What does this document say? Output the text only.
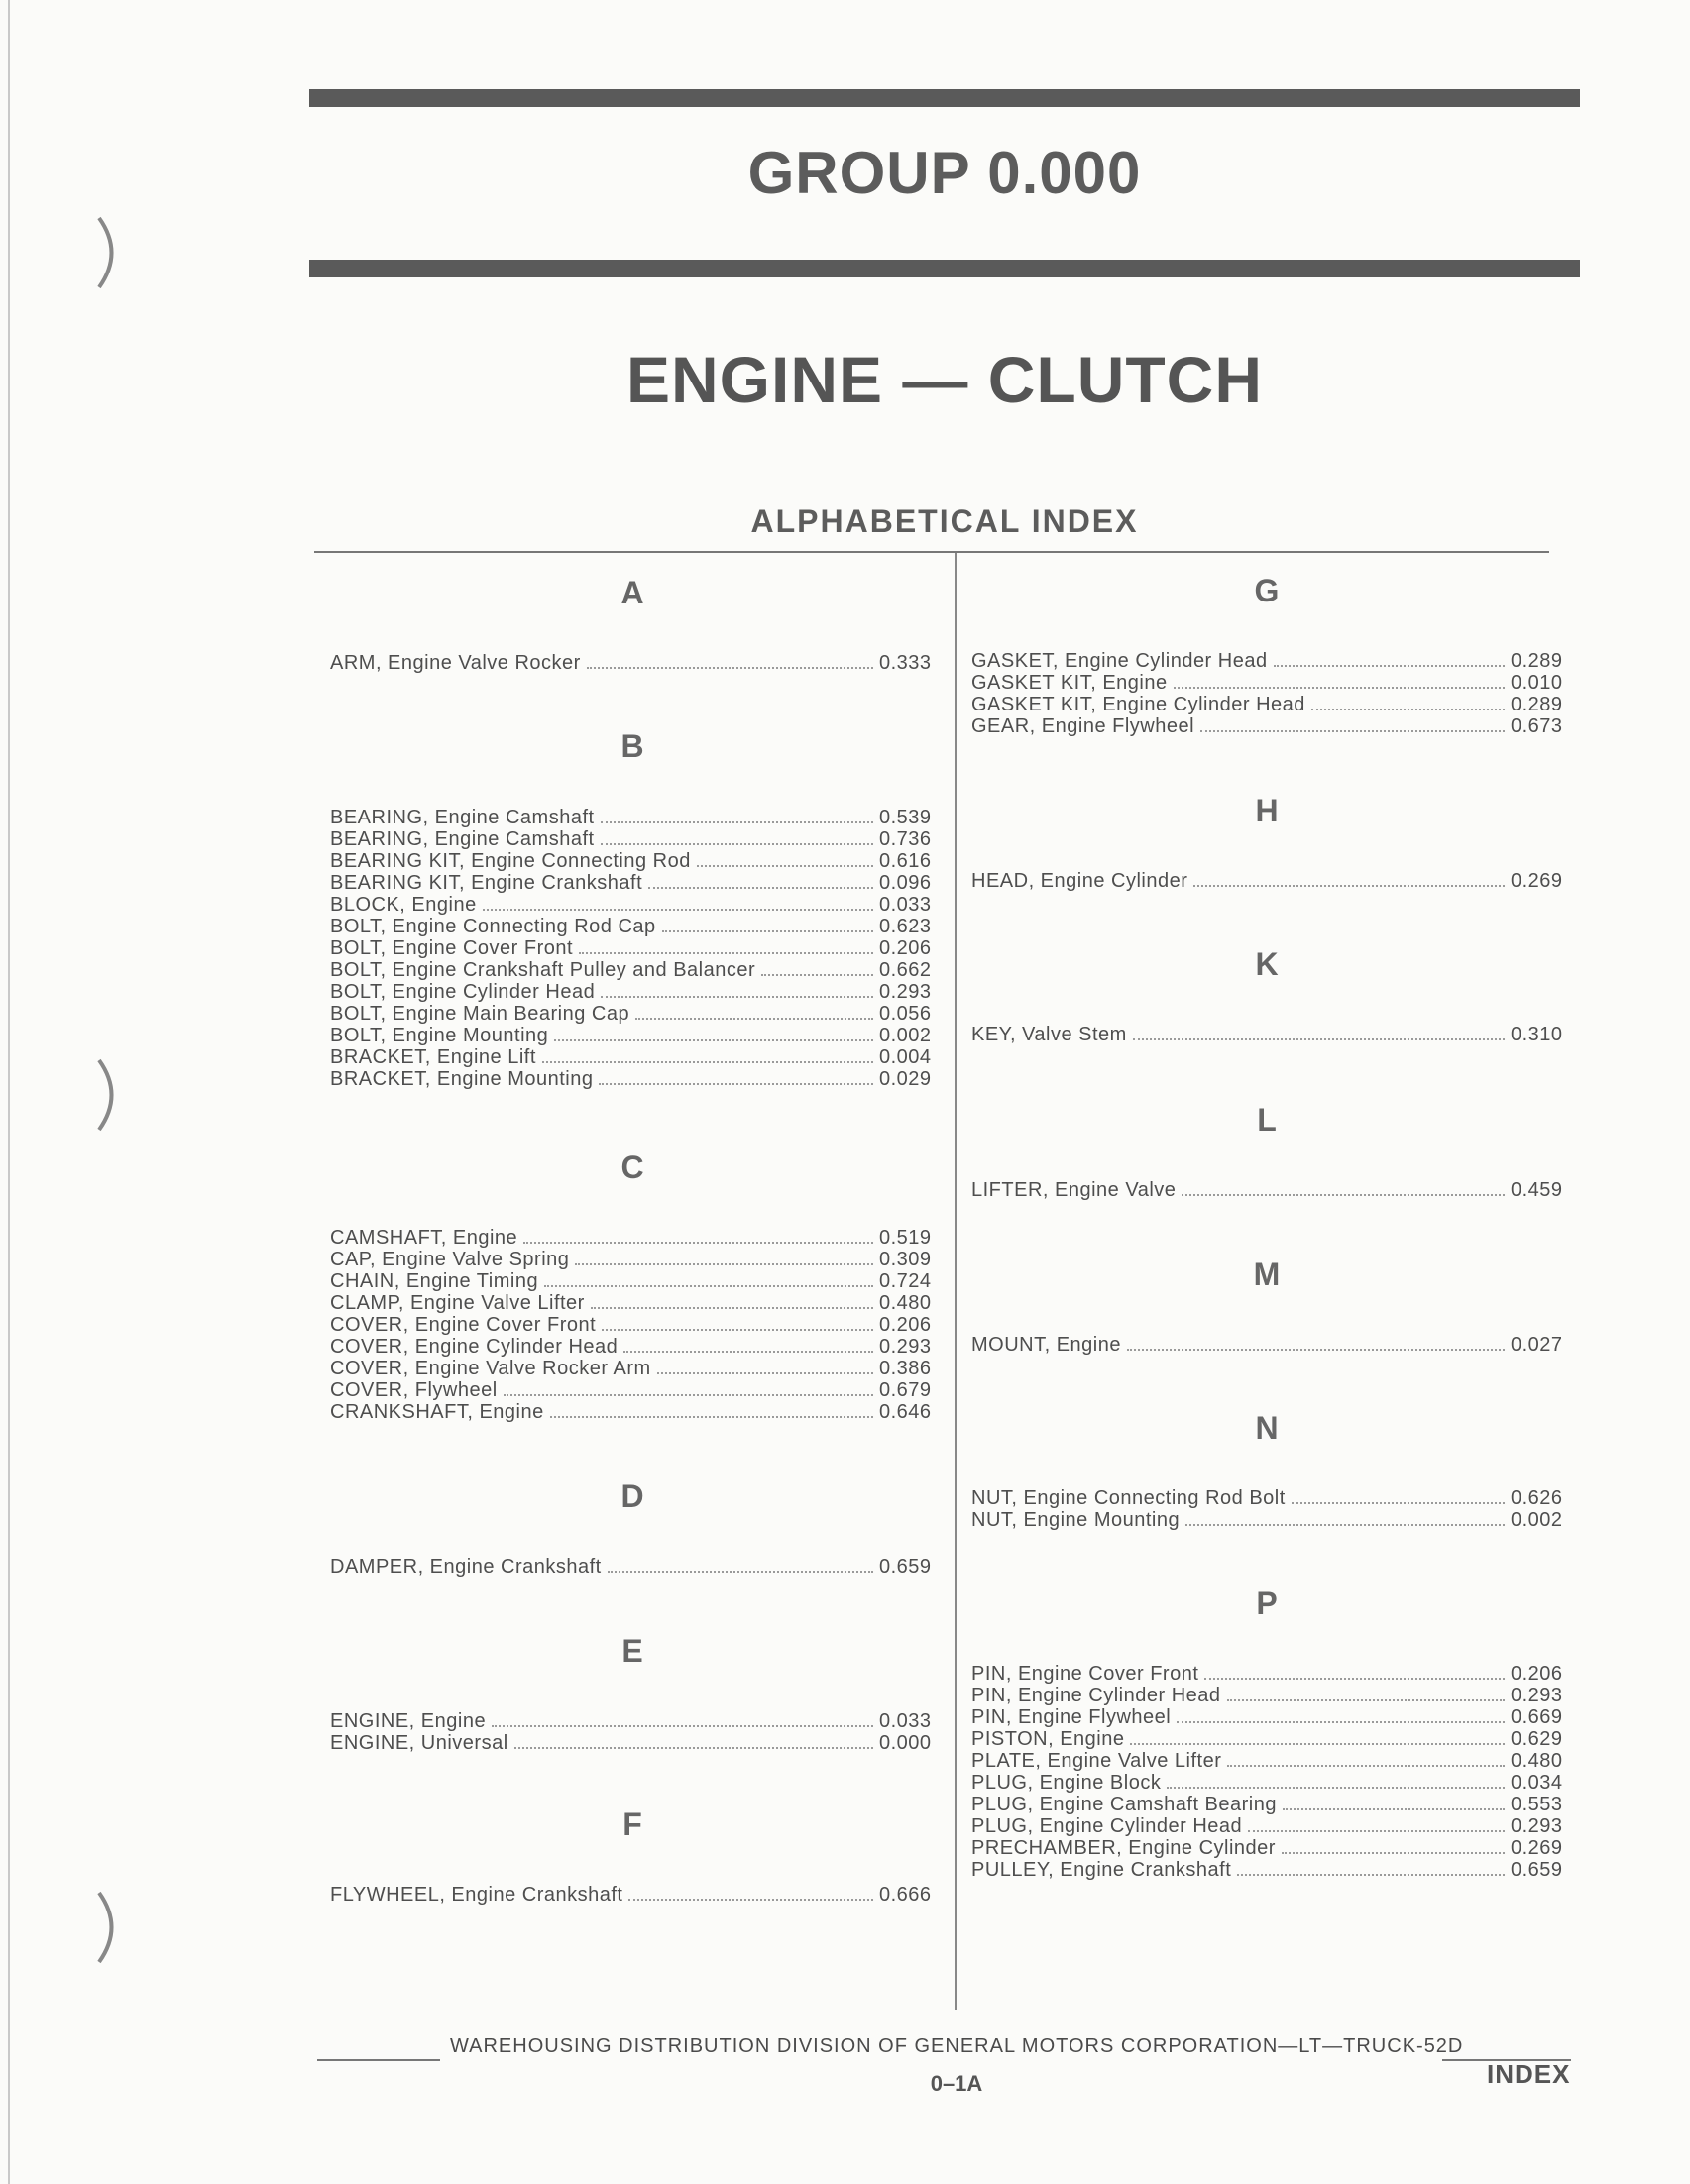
GROUP 0.000
ENGINE — CLUTCH
ALPHABETICAL INDEX
A
ARM, Engine Valve Rocker	0.333
B
BEARING, Engine Camshaft	0.539
BEARING, Engine Camshaft	0.736
BEARING KIT, Engine Connecting Rod	0.616
BEARING KIT, Engine Crankshaft	0.096
BLOCK, Engine	0.033
BOLT, Engine Connecting Rod Cap	0.623
BOLT, Engine Cover Front	0.206
BOLT, Engine Crankshaft Pulley and Balancer	0.662
BOLT, Engine Cylinder Head	0.293
BOLT, Engine Main Bearing Cap	0.056
BOLT, Engine Mounting	0.002
BRACKET, Engine Lift	0.004
BRACKET, Engine Mounting	0.029
C
CAMSHAFT, Engine	0.519
CAP, Engine Valve Spring	0.309
CHAIN, Engine Timing	0.724
CLAMP, Engine Valve Lifter	0.480
COVER, Engine Cover Front	0.206
COVER, Engine Cylinder Head	0.293
COVER, Engine Valve Rocker Arm	0.386
COVER, Flywheel	0.679
CRANKSHAFT, Engine	0.646
D
DAMPER, Engine Crankshaft	0.659
E
ENGINE, Engine	0.033
ENGINE, Universal	0.000
F
FLYWHEEL, Engine Crankshaft	0.666
G
GASKET, Engine Cylinder Head	0.289
GASKET KIT, Engine	0.010
GASKET KIT, Engine Cylinder Head	0.289
GEAR, Engine Flywheel	0.673
H
HEAD, Engine Cylinder	0.269
K
KEY, Valve Stem	0.310
L
LIFTER, Engine Valve	0.459
M
MOUNT, Engine	0.027
N
NUT, Engine Connecting Rod Bolt	0.626
NUT, Engine Mounting	0.002
P
PIN, Engine Cover Front	0.206
PIN, Engine Cylinder Head	0.293
PIN, Engine Flywheel	0.669
PISTON, Engine	0.629
PLATE, Engine Valve Lifter	0.480
PLUG, Engine Block	0.034
PLUG, Engine Camshaft Bearing	0.553
PLUG, Engine Cylinder Head	0.293
PRECHAMBER, Engine Cylinder	0.269
PULLEY, Engine Crankshaft	0.659
WAREHOUSING DISTRIBUTION DIVISION OF GENERAL MOTORS CORPORATION—LT—TRUCK-52D
0–1A	INDEX
